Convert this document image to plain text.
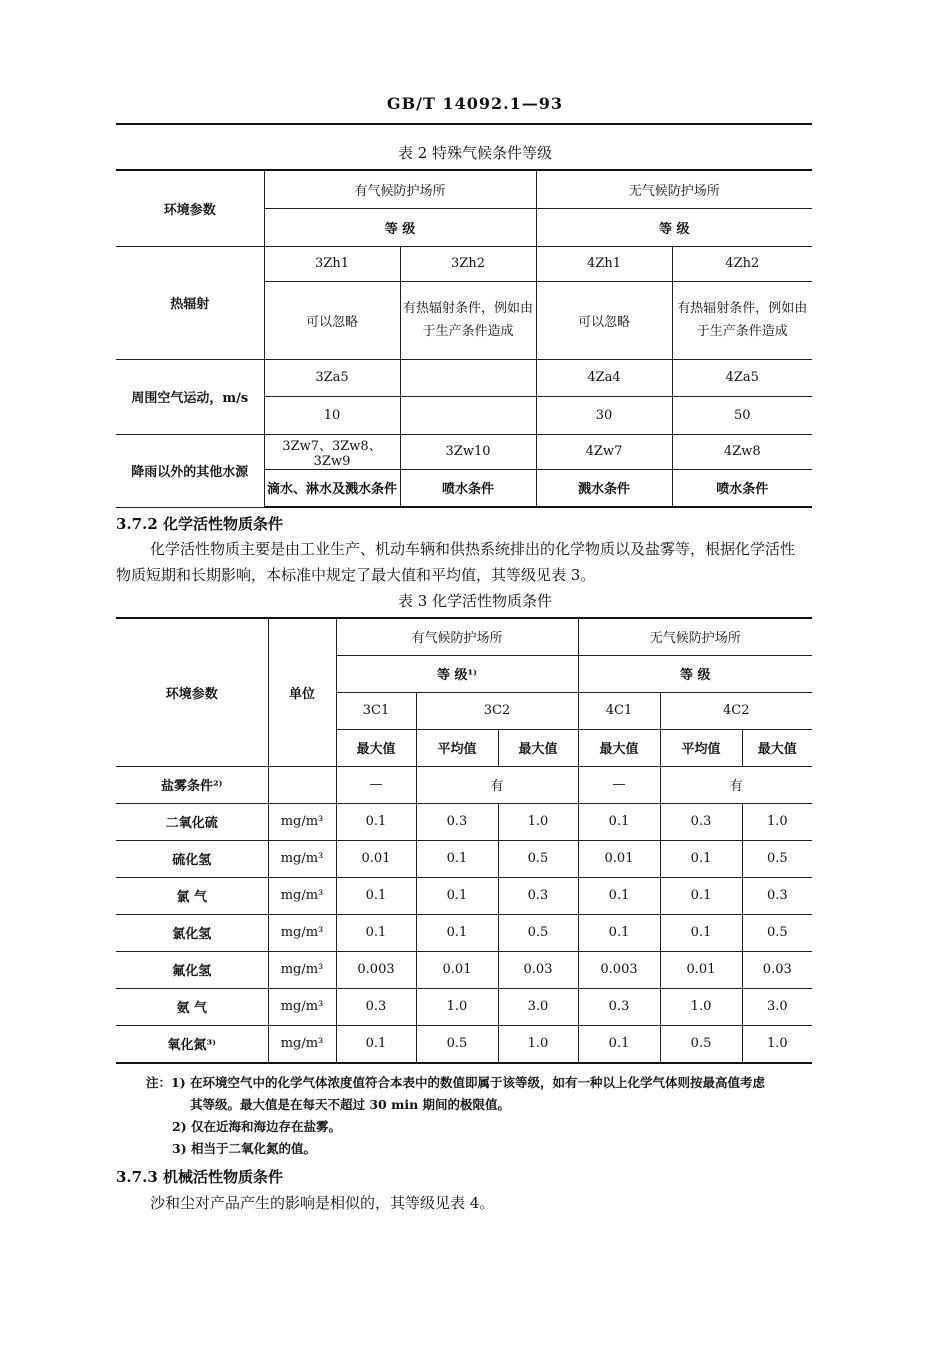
GB/T 14092.1—93
表 2 特殊气候条件等级
环境参数	有气候防护场所		无气候防护场所	
	等 级		等 级	
热辐射	3Zh1	3Zh2	4Zh1	4Zh2
	可以忽略	有热辐射条件，例如由于生产条件造成	可以忽略	有热辐射条件，例如由于生产条件造成
周围空气运动，m/s	3Za5		4Za4	4Za5
	10		30	50
降雨以外的其他水源	3Zw7、3Zw8、3Zw9	3Zw10	4Zw7	4Zw8
	滴水、淋水及溅水条件	喷水条件	溅水条件	喷水条件
3.7.2 化学活性物质条件
化学活性物质主要是由工业生产、机动车辆和供热系统排出的化学物质以及盐雾等，根据化学活性
物质短期和长期影响，本标准中规定了最大值和平均值，其等级见表 3。
表 3 化学活性物质条件
环境参数	单位	有气候防护场所			无气候防护场所		
		等 级¹⁾			等 级		
		3C1	3C2		4C1	4C2	
		最大值	平均值	最大值	最大值	平均值	最大值
盐雾条件²⁾		—	有		—	有	
二氧化硫	mg/m³	0.1	0.3	1.0	0.1	0.3	1.0
硫化氢	mg/m³	0.01	0.1	0.5	0.01	0.1	0.5
氯 气	mg/m³	0.1	0.1	0.3	0.1	0.1	0.3
氯化氢	mg/m³	0.1	0.1	0.5	0.1	0.1	0.5
氟化氢	mg/m³	0.003	0.01	0.03	0.003	0.01	0.03
氨 气	mg/m³	0.3	1.0	3.0	0.3	1.0	3.0
氧化氮³⁾	mg/m³	0.1	0.5	1.0	0.1	0.5	1.0
注：1) 在环境空气中的化学气体浓度值符合本表中的数值即属于该等级，如有一种以上化学气体则按最高值考虑
其等级。最大值是在每天不超过 30 min 期间的极限值。
2) 仅在近海和海边存在盐雾。
3) 相当于二氧化氮的值。
3.7.3 机械活性物质条件
沙和尘对产品产生的影响是相似的，其等级见表 4。
